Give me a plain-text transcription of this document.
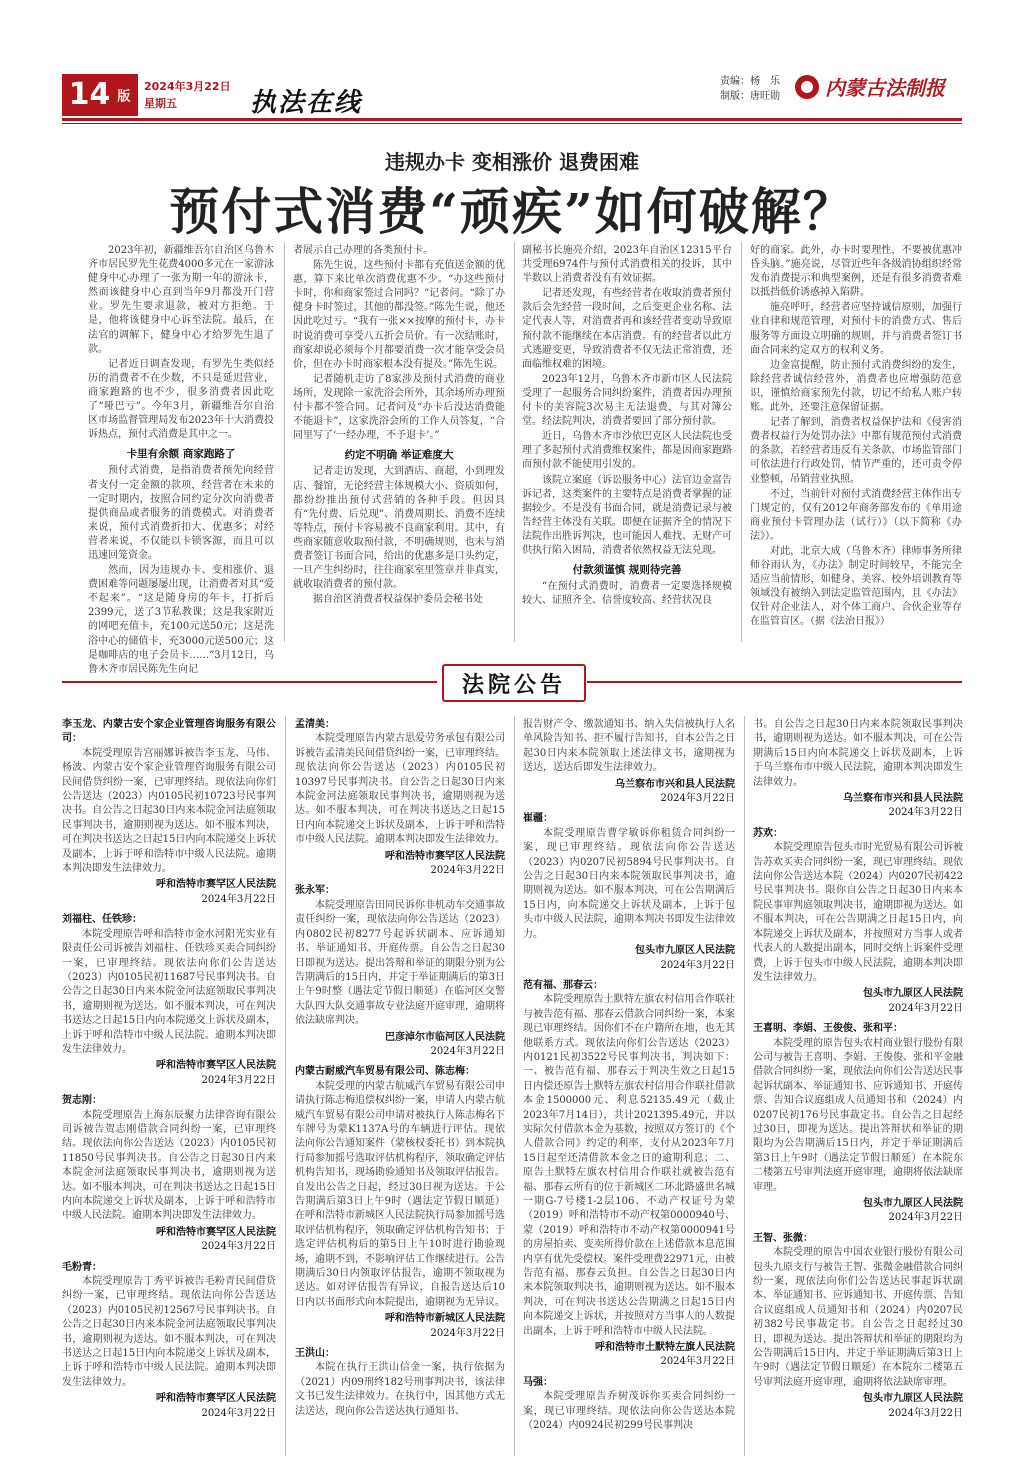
14 版
2024年3月22日
星期五	执法在线
责编：杨　乐
制版：唐旺勋 内蒙古法制报
违规办卡 变相涨价 退费困难
预付式消费“顽疾”如何破解？

2023年初，新疆维吾尔自治区乌鲁木齐市居民罗先生花费4000多元在一家游泳健身中心办理了一张为期一年的游泳卡，然而该健身中心直到当年9月都没开门营业。罗先生要求退款，被对方拒绝。于是，他将该健身中心诉至法院。最后，在法官的调解下，健身中心才给罗先生退了款。

记者近日调查发现，有罗先生类似经历的消费者不在少数，不只是延迟营业，商家跑路的也不少，很多消费者因此吃了“哑巴亏”。今年3月，新疆维吾尔自治区市场监督管理局发布2023年十大消费投诉热点，预付式消费是其中之一。

卡里有余额 商家跑路了

预付式消费，是指消费者预先向经营者支付一定金额的款项，经营者在未来的一定时期内，按照合同约定分次向消费者提供商品或者服务的消费模式。对消费者来说，预付式消费折扣大、优惠多；对经营者来说，不仅能以卡锁客源，而且可以迅速回笼资金。

然而，因为违规办卡、变相涨价、退费困难等问题屡屡出现，让消费者对其“爱不起来”。“这是随身房的年卡，打折后2399元，送了3节私教课；这是我家附近的网吧充值卡，充100元送50元；这是洗浴中心的储值卡，充3000元送500元；这是咖啡店的电子会员卡……”3月12日，乌鲁木齐市居民陈先生向记

者展示自己办理的各类预付卡。

陈先生说，这些预付卡都有充值送金额的优惠，算下来比单次消费优惠不少。“办这些预付卡时，你和商家签过合同吗？”记者问。“除了办健身卡时签过，其他的都没签。”陈先生说，他还因此吃过亏。“我有一张××按摩的预付卡，办卡时说消费可享受八五折会员价。有一次结账时，商家却说必须每个月都要消费一次才能享受会员价，但在办卡时商家根本没有提及。”陈先生说。

记者随机走访了8家涉及预付式消费的商业场所，发现除一家洗浴会所外，其余场所办理预付卡都不签合同。记者问及“办卡后没达消费能不能退卡”，这家洗浴会所的工作人员答复，“合同里写了‘一经办理，不予退卡’。”

约定不明确 举证难度大

记者走访发现，大到酒店、商超，小到理发店、餐馆，无论经营主体规模大小、资质如何，都纷纷推出预付式营销的各种手段。但因具有“先付费、后兑现”、消费周期长、消费不连续等特点，预付卡容易被不良商家利用。其中，有些商家随意收取预付款，不明确规则，也未与消费者签订书面合同，给出的优惠多是口头约定，一旦产生纠纷时，往往商家室里签章并非真实，就收取消费者的预付款。

据自治区消费者权益保护委员会秘书处

副秘书长施亮介绍，2023年自治区12315平台共受理6974件与预付式消费相关的投诉，其中半数以上消费者没有有效证据。

记者还发现，有些经营者在收取消费者预付款后会先经营一段时间，之后变更企业名称、法定代表人等，对消费者再和该经营者变动导致原预付款不能继续在本店消费。有的经营者以此方式逃避变更，导致消费者不仅无法正常消费，还面临维权难的困境。

2023年12月，乌鲁木齐市新市区人民法院受理了一起服务合同纠纷案件，消费者因办理预付卡的美容院3次易主无法退费，与其对簿公堂。经法院判决，消费者要回了部分预付款。

近日，乌鲁木齐市沙依巴克区人民法院也受理了多起预付式消费维权案件，都是因商家跑路而预付款不能使用引发的。

该院立案庭（诉讼服务中心）法官边金富告诉记者，这类案件的主要特点是消费者掌握的证据较少。不是没有书面合同，就是消费记录与被告经营主体没有关联。即便在证据齐全的情况下法院作出胜诉判决，也可能因人难找、无财产可供执行陷入困局，消费者依然权益无法兑现。

付款须谨慎 规则待完善

“在预付式消费时，消费者一定要选择规模较大、证照齐全、信誉度较高、经营状况良

好的商家。此外，办卡时要理性，不要被优惠冲昏头脑。”施亮说，尽管近些年各级消协组织经常发布消费提示和典型案例，还是有很多消费者难以抵挡低价诱惑掉入陷阱。

施亮呼吁，经营者应坚持诚信原则，加强行业自律和规范管理，对预付卡的消费方式、售后服务等方面设立明确的规则，并与消费者签订书面合同来约定双方的权利义务。

边金富提醒，防止预付式消费纠纷的发生，除经营者诚信经营外，消费者也应增强防范意识，谨慎给商家预先付款，切记不给私人账户转账。此外，还要注意保留证据。

记者了解到，消费者权益保护法和《侵害消费者权益行为处罚办法》中都有规范预付式消费的条款，若经营者违反有关条款，市场监管部门可依法进行行政处罚，情节严重的，还可责令停业整顿，吊销营业执照。

不过，当前针对预付式消费经营主体作出专门规定的，仅有2012年商务部发布的《单用途商业预付卡管理办法（试行）》（以下简称《办法》）。

对此，北京大成（乌鲁木齐）律师事务所律师谷雨认为，《办法》制定时间较早，不能完全适应当前情形，如健身、美容、校外培训教育等领域没有被纳入到法定监管范围内，且《办法》仅针对企业法人，对个体工商户、合伙企业等存在监管盲区。（据《法治日报》）

法院公告
李玉龙、内蒙古安个家企业管理咨询服务有限公司：

本院受理原告宫丽娜诉被告李玉龙、马伟、杨波、内蒙古安个家企业管理咨询服务有限公司民间借贷纠纷一案，已审理终结。现依法向你们公告送达（2023）内0105民初10723号民事判决书。自公告之日起30日内来本院金河法庭领取民事判决书，逾期则视为送达。如不服本判决，可在判决书送达之日起15日内向本院递交上诉状及副本，上诉于呼和浩特市中级人民法院。逾期本判决即发生法律效力。

呼和浩特市赛罕区人民法院
2024年3月22日
刘福柱、任铁珍：

本院受理原告呼和浩特市金水河阳光实业有限责任公司诉被告刘福柱、任铁珍买卖合同纠纷一案，已审理终结。现依法向你们公告送达（2023）内0105民初11687号民事判决书。自公告之日起30日内来本院金河法庭领取民事判决书，逾期则视为送达。如不服本判决，可在判决书送达之日起15日内向本院递交上诉状及副本，上诉于呼和浩特市中级人民法院。逾期本判决即发生法律效力。

呼和浩特市赛罕区人民法院
2024年3月22日
贺志刚：

本院受理原告上海东辰聚力法律咨询有限公司诉被告贺志刚借款合同纠纷一案，已审理终结。现依法向你公告送达（2023）内0105民初11850号民事判决书。自公告之日起30日内来本院金河法庭领取民事判决书，逾期则视为送达。如不服本判决，可在判决书送达之日起15日内向本院递交上诉状及副本，上诉于呼和浩特市中级人民法院。逾期本判决即发生法律效力。

呼和浩特市赛罕区人民法院
2024年3月22日
毛粉青：

本院受理原告丁秀平诉被告毛粉青民间借贷纠纷一案，已审理终结。现依法向你公告送达（2023）内0105民初12567号民事判决书。自公告之日起30日内来本院金河法庭领取民事判决书，逾期则视为送达。如不服本判决，可在判决书送达之日起15日内向本院递交上诉状及副本，上诉于呼和浩特市中级人民法院。逾期本判决即发生法律效力。

呼和浩特市赛罕区人民法院
2024年3月22日
孟清美：

本院受理原告内蒙古思爱劳务承包有限公司诉被告孟清美民间借贷纠纷一案，已审理终结。现依法向你公告送达（2023）内0105民初10397号民事判决书。自公告之日起30日内来本院金河法庭领取民事判决书，逾期则视为送达。如不服本判决，可在判决书送达之日起15日内向本院递交上诉状及副本，上诉于呼和浩特市中级人民法院。逾期本判决即发生法律效力。

呼和浩特市赛罕区人民法院
2024年3月22日
张永军：

本院受理原告田同民诉你非机动车交通事故责任纠纷一案，现依法向你公告送达（2023）内0802民初8277号起诉状副本、应诉通知书、举证通知书、开庭传票。自公告之日起30日即视为送达。提出答辩和举证的期限分别为公告期满后的15日内，并定于举证期满后的第3日上午9时整（遇法定节假日顺延）在临河区交警大队四大队交通事故专业法庭开庭审理，逾期将依法缺席判决。

巴彦淖尔市临河区人民法院
2024年3月22日
内蒙古耐威汽车贸易有限公司、陈志梅：

本院受理的内蒙古航威汽车贸易有限公司申请执行陈志梅追偿权纠纷一案，申请人内蒙古航威汽车贸易有限公司申请对被执行人陈志梅名下车牌号为蒙K1137A号的车辆进行评估。现依法向你公告通知案件（蒙核权委托书）到本院执行局参加摇号选取评估机构程序，领取确定评估机构告知书，现场勘验通知书及领取评估报告。自发出公告之日起，经过30日视为送达。于公告期满后第3日上午9时（遇法定节假日顺延）在呼和浩特市新城区人民法院执行局参加摇号选取评估机构程序，领取确定评估机构告知书；于选定评估机构后的第5日上午10时进行勘验现场，逾期不到，不影响评估工作继续进行。公告期满后30日内领取评估报告，逾期不领取视为送达。如对评估报告有异议，自报告送达后10日内以书面形式向本院提出，逾期视为无异议。

呼和浩特市新城区人民法院
2024年3月22日
王洪山：

本院在执行王洪山信金一案，执行依据为（2021）内09刑终182号刑事判决书，该法律文书已发生法律效力。在执行中，因其他方式无法送达，现向你公告送达执行通知书、

报告财产令、缴款通知书、纳入失信被执行人名单风险告知书、拒不履行告知书，自本公告之日起30日内来本院领取上述法律文书，逾期视为送达，送达后即发生法律效力。

乌兰察布市兴和县人民法院
2024年3月22日
崔疆：

本院受理原告曹学敏诉你租赁合同纠纷一案，现已审理终结。现依法向你公告送达（2023）内0207民初5894号民事判决书。自公告之日起30日内来本院领取民事判决书，逾期则视为送达。如不服本判决，可在公告期满后15日内，向本院递交上诉状及副本，上诉于包头市中级人民法院，逾期本判决书即发生法律效力。

包头市九原区人民法院
2024年3月22日
范有福、那春云：

本院受理原告土默特左旗农村信用合作联社与被告范有福、那春云借款合同纠纷一案，本案现已审理终结。因你们不在户籍所在地，也无其他联系方式。现依法向你们公告送达（2023）内0121民初3522号民事判决书，判决如下：一、被告范有福、那春云于判决生效之日起15日内偿还原告土默特左旗农村信用合作联社借款本金1500000元、利息52135.49元（截止2023年7月14日），共计2021395.49元，并以实际欠付借款本金为基数，按照双方签订的《个人借款合同》约定的利率，支付从2023年7月15日起至还清借款本金之日的逾期利息；二、原告土默特左旗农村信用合作联社就被告范有福、那春云所有的位于新城区二环北路盛世名城一期G-7号楼1-2层106、不动产权证号为蒙（2019）呼和浩特市不动产权第0000940号、蒙（2019）呼和浩特市不动产权第0000941号的房屋拍卖、变卖所得价款在上述借款本息范围内享有优先受偿权。案件受理费22971元，由被告范有福、那春云负担。自公告之日起30日内来本院领取判决书，逾期则视为送达。如不服本判决，可在判决书送达公告期满之日起15日内向本院递交上诉状，并按照对方当事人的人数提出副本，上诉于呼和浩特市中级人民法院。

呼和浩特市土默特左旗人民法院
2024年3月22日
马强：

本院受理原告乔树茂诉你买卖合同纠纷一案，现已审理终结。现依法向你公告送达本院（2024）内0924民初299号民事判决

书。自公告之日起30日内来本院领取民事判决书，逾期则视为送达。如不服本判决，可在公告期满后15日内向本院递交上诉状及副本，上诉于乌兰察布市中级人民法院，逾期本判决即发生法律效力。

乌兰察布市兴和县人民法院
2024年3月22日
苏欢：

本院受理原告包头市时光贸易有限公司诉被告苏欢买卖合同纠纷一案，现已审理终结。现依法向你公告送达本院（2024）内0207民初422号民事判决书。限你自公告之日起30日内来本院民事审判庭领取判决书，逾期即视为送达。如不服本判决，可在公告期满之日起15日内，向本院递交上诉状及副本，并按照对方当事人或者代表人的人数提出副本，同时交纳上诉案件受理费，上诉于包头市中级人民法院，逾期本判决即发生法律效力。

包头市九原区人民法院
2024年3月22日
王喜明、李娟、王俊俊、张和平：

本院受理的原告包头农村商业银行股份有限公司与被告王喜明、李娟、王俊俊、张和平金融借款合同纠纷一案，现依法向你们公告送达民事起诉状副本、举证通知书、应诉通知书、开庭传票、告知合议庭组成人员通知书和（2024）内0207民初176号民事裁定书。自公告之日起经过30日，即视为送达。提出答辩状和举证的期限均为公告期满后15日内，并定于举证期满后第3日上午9时（遇法定节假日顺延）在本院东二楼第五号审判法庭开庭审理，逾期将依法缺席审理。

包头市九原区人民法院
2024年3月22日
王智、张微：

本院受理的原告中国农业银行股份有限公司包头九原支行与被告王智、张微金融借款合同纠纷一案，现依法向你们公告送达民事起诉状副本、举证通知书、应诉通知书、开庭传票、告知合议庭组成人员通知书和（2024）内0207民初382号民事裁定书。自公告之日起经过30日，即视为送达。提出答辩状和举证的期限均为公告期满后15日内，并定于举证期满后第3日上午9时（遇法定节假日顺延）在本院东二楼第五号审判法庭开庭审理，逾期将依法缺席审理。

包头市九原区人民法院
2024年3月22日
